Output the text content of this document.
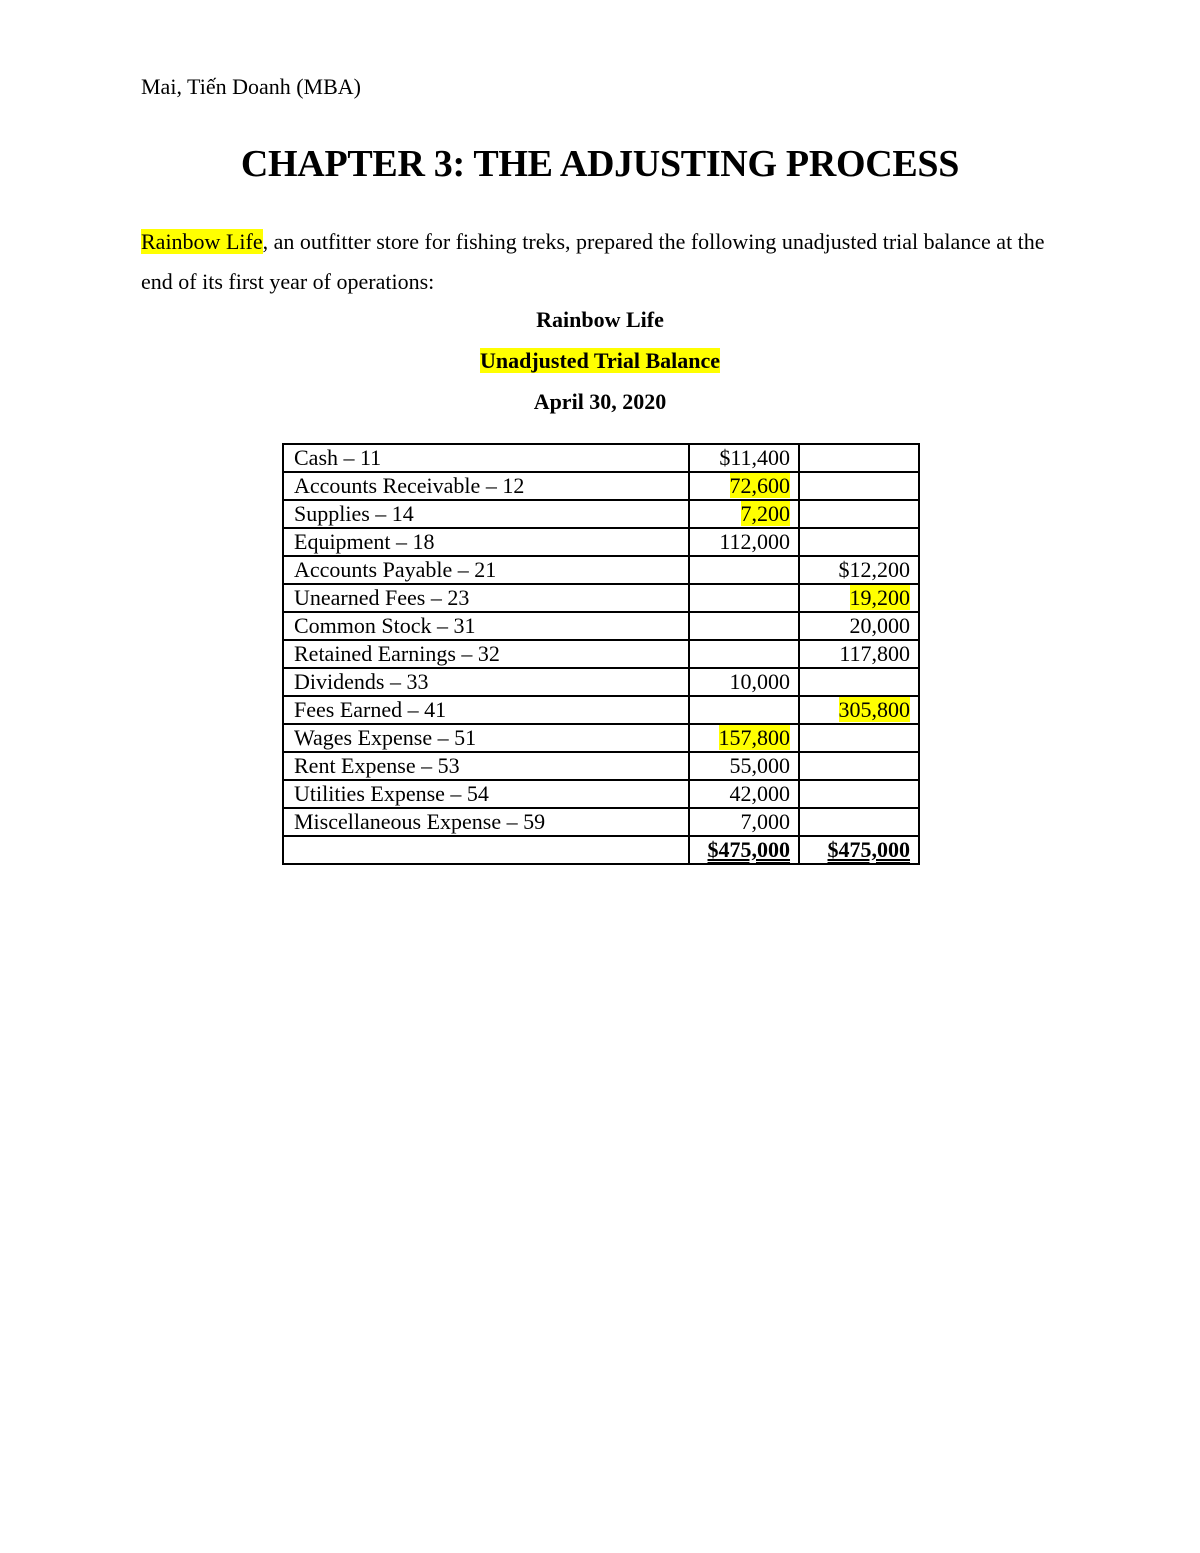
Mai, Tiến Doanh (MBA)
CHAPTER 3: THE ADJUSTING PROCESS
Rainbow Life, an outfitter store for fishing treks, prepared the following unadjusted trial balance at the end of its first year of operations:
Rainbow Life
Unadjusted Trial Balance
April 30, 2020
Cash – 11	$11,400	
Accounts Receivable – 12	72,600	
Supplies – 14	7,200	
Equipment – 18	112,000	
Accounts Payable – 21		$12,200
Unearned Fees – 23		19,200
Common Stock – 31		20,000
Retained Earnings – 32		117,800
Dividends – 33	10,000	
Fees Earned – 41		305,800
Wages Expense – 51	157,800	
Rent Expense – 53	55,000	
Utilities Expense – 54	42,000	
Miscellaneous Expense – 59	7,000	
	$475,000	$475,000
